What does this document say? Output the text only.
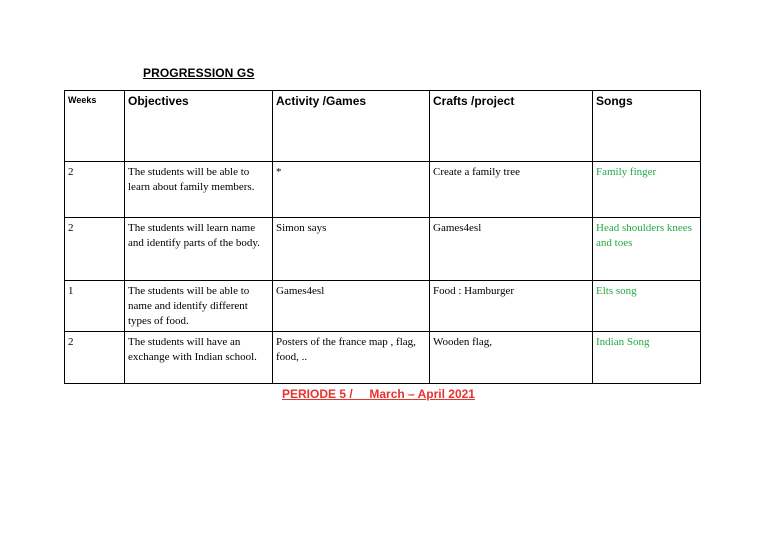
PROGRESSION GS
Weeks	Objectives	Activity /Games	Crafts /project	Songs
2	The students will be able to learn about family members.	*	Create a family tree	Family finger
2	The students will learn name and identify parts of the body.	Simon says	Games4esl	Head shoulders knees and toes
1	The students will be able to name and identify different types of food.	Games4esl	Food : Hamburger	Elts song
2	The students will have an exchange with Indian school.	Posters of the france map , flag, food, ..	Wooden flag,	Indian Song
PERIODE 5 /     March – April 2021
